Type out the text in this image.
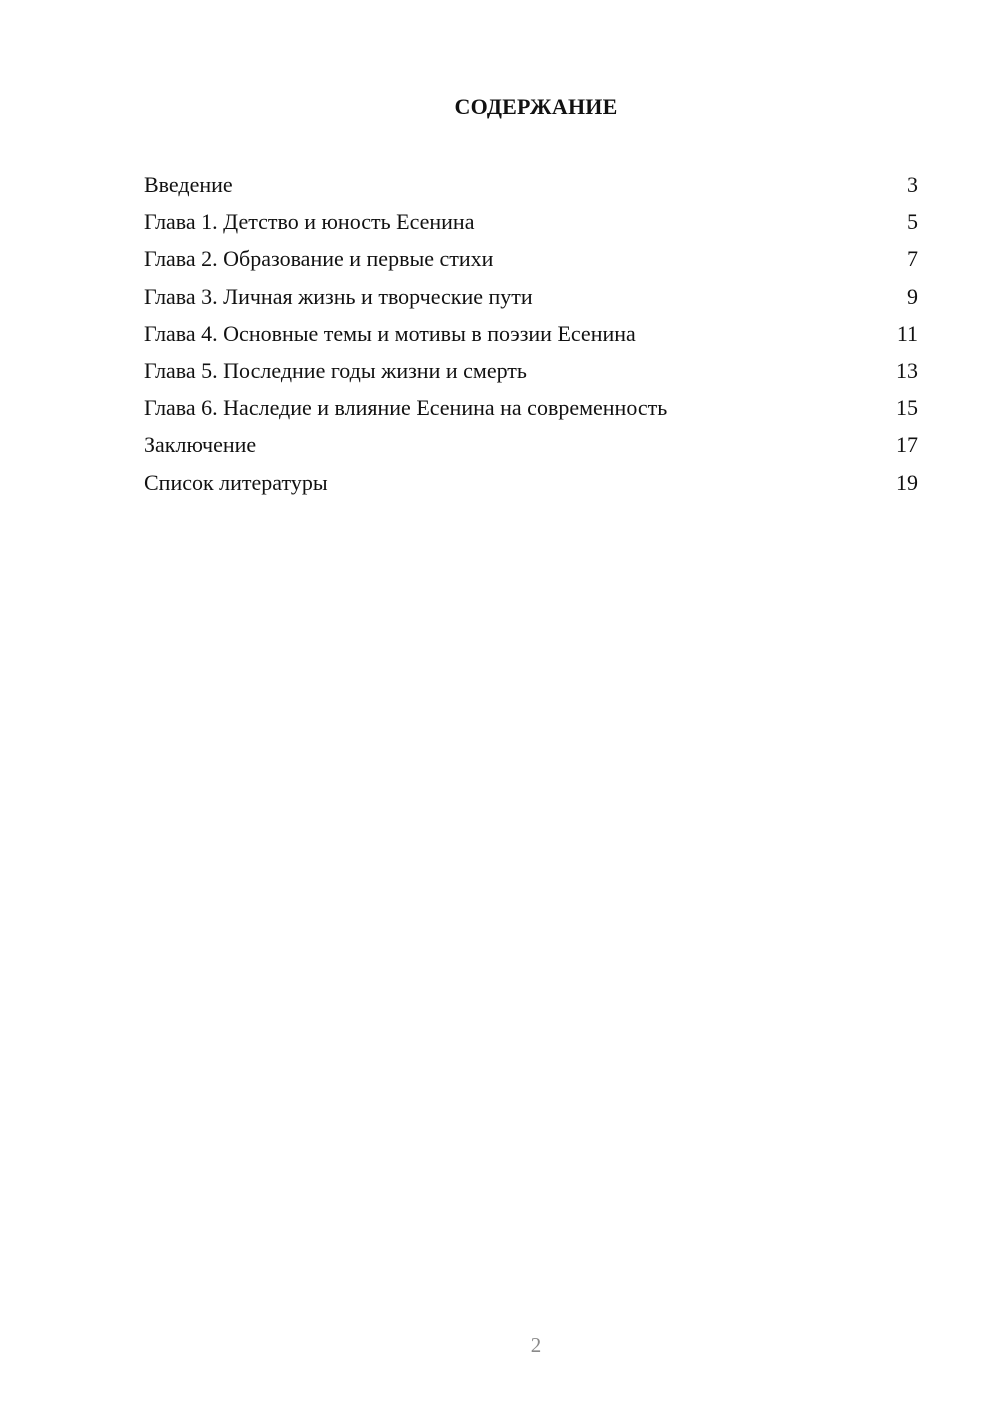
СОДЕРЖАНИЕ
Введение	3
Глава 1. Детство и юность Есенина	5
Глава 2. Образование и первые стихи	7
Глава 3. Личная жизнь и творческие пути	9
Глава 4. Основные темы и мотивы в поэзии Есенина	11
Глава 5. Последние годы жизни и смерть	13
Глава 6. Наследие и влияние Есенина на современность	15
Заключение	17
Список литературы	19
2
